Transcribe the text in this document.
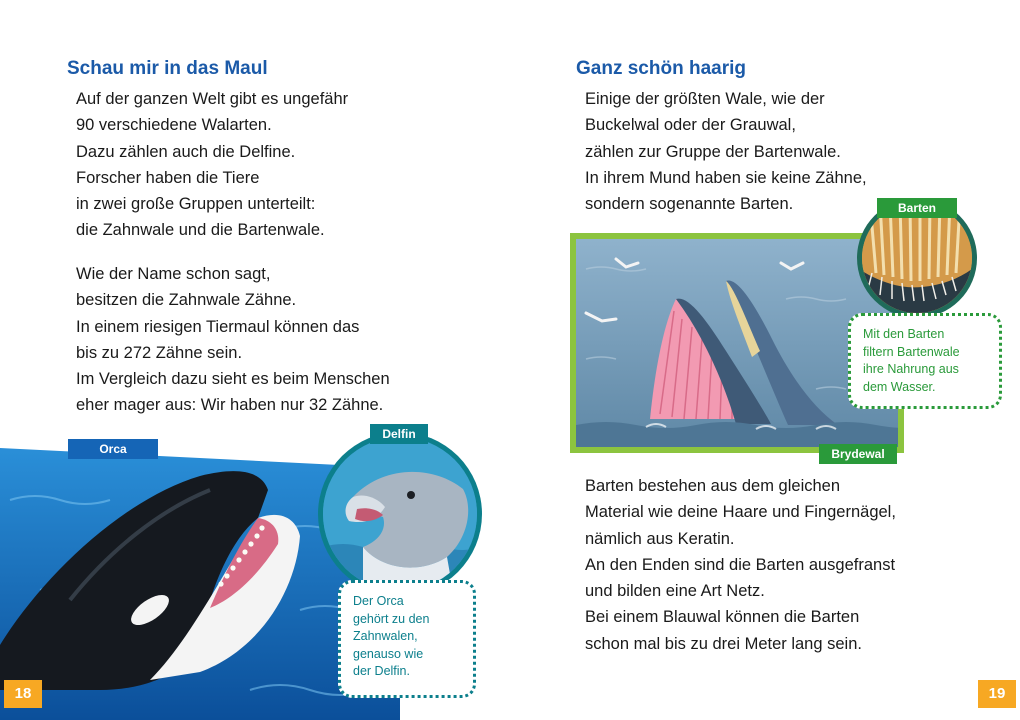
Schau mir in das Maul
Auf der ganzen Welt gibt es ungefähr
90 verschiedene Walarten.
Dazu zählen auch die Delfine.
Forscher haben die Tiere
in zwei große Gruppen unterteilt:
die Zahnwale und die Bartenwale.
Wie der Name schon sagt,
besitzen die Zahnwale Zähne.
In einem riesigen Tiermaul können das
bis zu 272 Zähne sein.
Im Vergleich dazu sieht es beim Menschen
eher mager aus: Wir haben nur 32 Zähne.
Orca
Delfin
Der Orca
gehört zu den
Zahnwalen,
genauso wie
der Delfin.
18
Ganz schön haarig
Einige der größten Wale, wie der
Buckelwal oder der Grauwal,
zählen zur Gruppe der Bartenwale.
In ihrem Mund haben sie keine Zähne,
sondern sogenannte Barten.
Brydewal
Barten
Mit den Barten
filtern Bartenwale
ihre Nahrung aus
dem Wasser.
Barten bestehen aus dem gleichen
Material wie deine Haare und Fingernägel,
nämlich aus Keratin.
An den Enden sind die Barten ausgefranst
und bilden eine Art Netz.
Bei einem Blauwal können die Barten
schon mal bis zu drei Meter lang sein.
19
